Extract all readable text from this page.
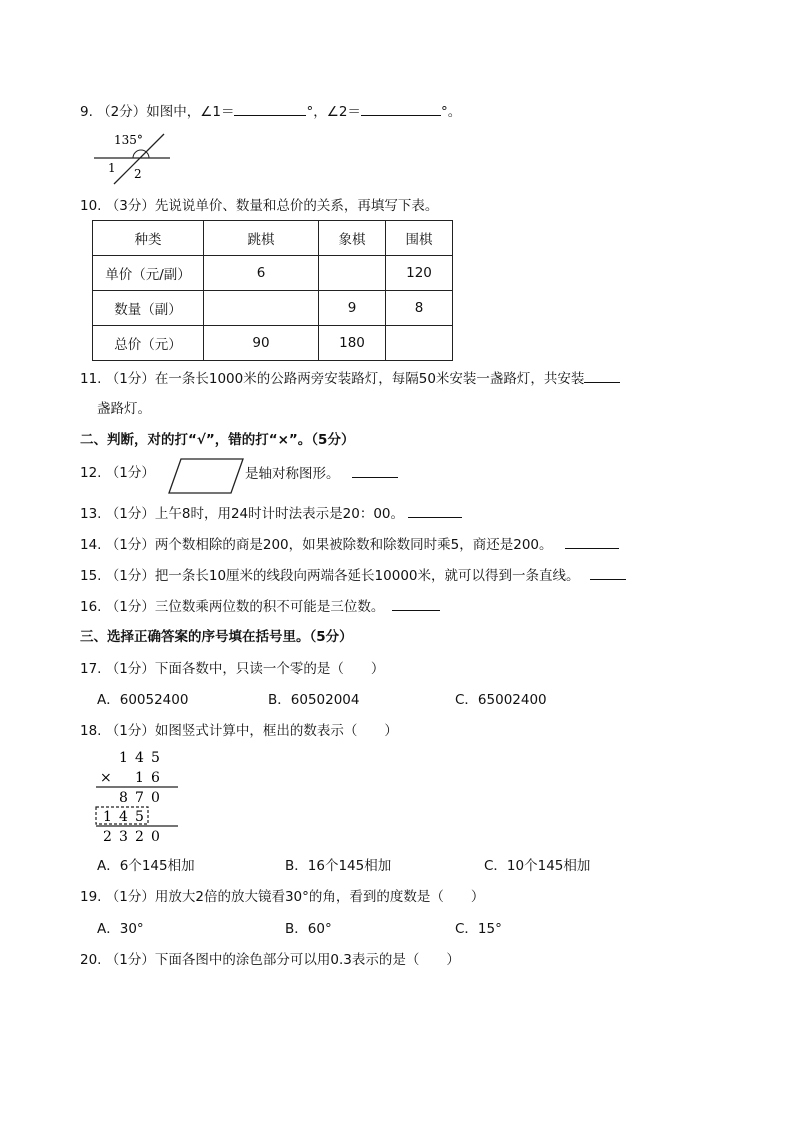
9. （2分）如图中，∠1＝	°，∠2＝	°。
135°
1 2
10. （3分）先说说单价、数量和总价的关系，再填写下表。
种类	跳棋	象棋	围棋
单价（元/副）	6		120
数量（副）		9	8
总价（元）	90	180	
11. （1分）在一条长1000米的公路两旁安装路灯，每隔50米安装一盏路灯，共安装
盏路灯。
二、判断，对的打“√”，错的打“×”。（5分）
12. （1分）	是轴对称图形。
13. （1分）上午8时，用24时计时法表示是20：00。
14. （1分）两个数相除的商是200，如果被除数和除数同时乘5，商还是200。
15. （1分）把一条长10厘米的线段向两端各延长10000米，就可以得到一条直线。
16. （1分）三位数乘两位数的积不可能是三位数。
三、选择正确答案的序号填在括号里。（5分）
17. （1分）下面各数中，只读一个零的是（　　）
A．60052400	B．60502004	C．65002400
18. （1分）如图竖式计算中，框出的数表示（　　）
1 4 5
× 1 6
8 7 0
1 4 5
2 3 2 0
A．6个145相加	B．16个145相加	C．10个145相加
19. （1分）用放大2倍的放大镜看30°的角，看到的度数是（　　）
A．30°	B．60°	C．15°
20. （1分）下面各图中的涂色部分可以用0.3表示的是（　　）
